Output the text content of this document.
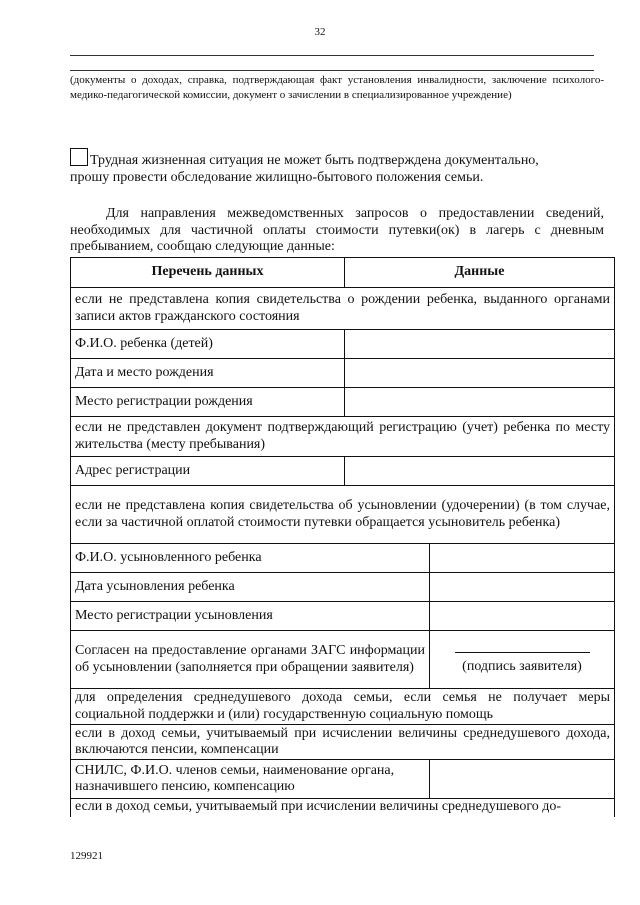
32
(документы о доходах, справка, подтверждающая факт установления инвалидности, заключение психолого-медико-педагогической комиссии, документ о зачислении в специализированное учреждение)
Трудная жизненная ситуация не может быть подтверждена документально,
прошу провести обследование жилищно-бытового положения семьи.
Для направления межведомственных запросов о предоставлении сведений, необходимых для частичной оплаты стоимости путевки(ок) в лагерь с дневным пребыванием, сообщаю следующие данные:
Перечень данных	Данные	
если не представлена копия свидетельства о рождении ребенка, выданного органами записи актов гражданского состояния		
Ф.И.О. ребенка (детей)		
Дата и место рождения		
Место регистрации рождения		
если не представлен документ подтверждающий регистрацию (учет) ребенка по месту жительства (месту пребывания)		
Адрес регистрации		
если не представлена копия свидетельства об усыновлении (удочерении) (в том случае, если за частичной оплатой стоимости путевки обращается усыновитель ребенка)		
Ф.И.О. усыновленного ребенка		
Дата усыновления ребенка		
Место регистрации усыновления		
Согласен на предоставление органами ЗАГС информации об усыновлении (заполняется при обращении заявителя)		(подпись заявителя)

для определения среднедушевого дохода семьи, если семья не получает меры социальной поддержки и (или) государственную социальную помощь		
если в доход семьи, учитываемый при исчислении величины среднедушевого дохода, включаются пенсии, компенсации		
СНИЛС, Ф.И.О. членов семьи, наименование органа, назначившего пенсию, компенсацию		
если в доход семьи, учитываемый при исчислении величины среднедушевого до-		
129921
